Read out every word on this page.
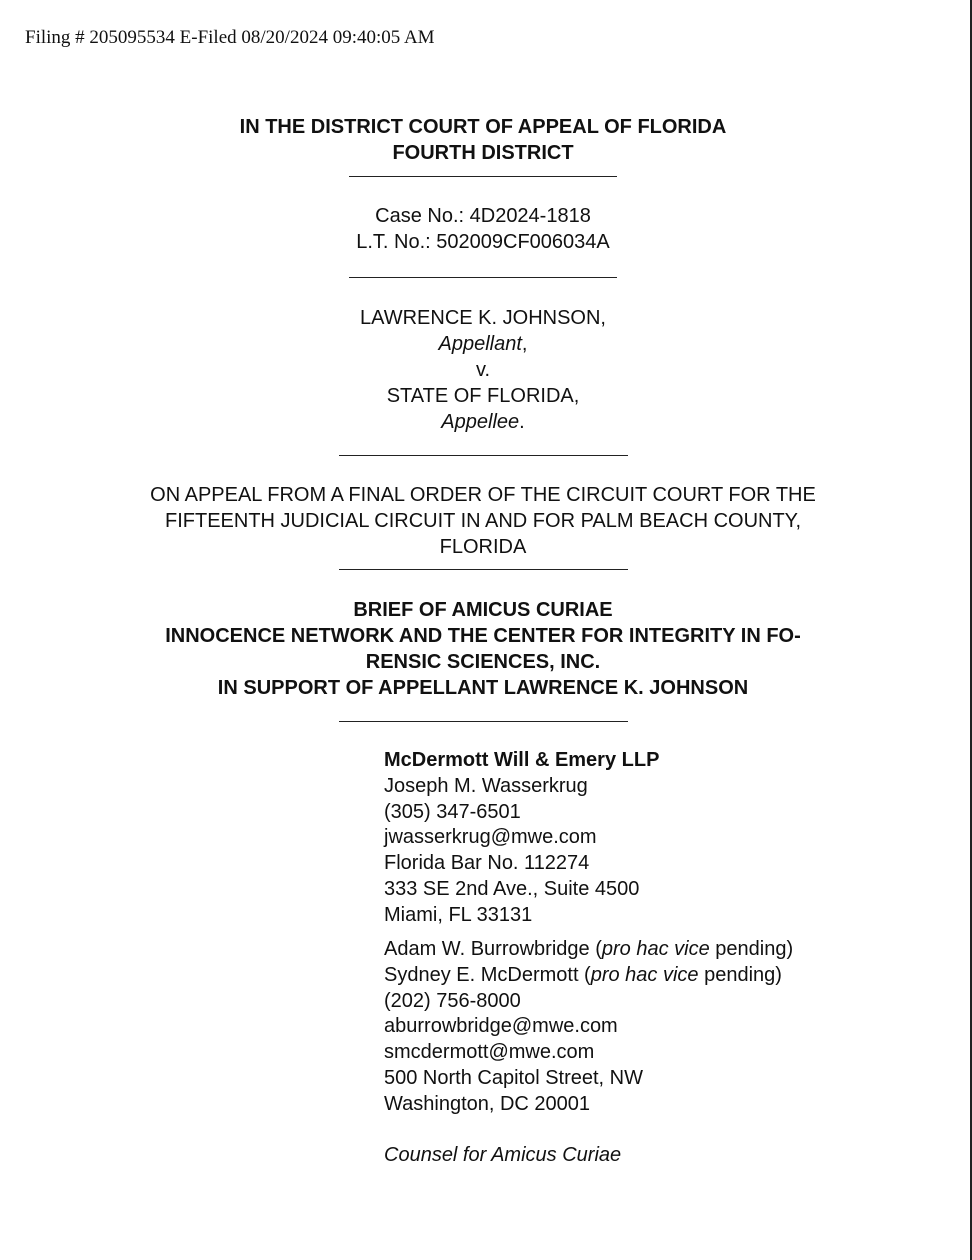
Filing # 205095534 E-Filed 08/20/2024 09:40:05 AM
IN THE DISTRICT COURT OF APPEAL OF FLORIDA
FOURTH DISTRICT
Case No.: 4D2024-1818
L.T. No.: 502009CF006034A
LAWRENCE K. JOHNSON,
Appellant,
v.
STATE OF FLORIDA,
Appellee.
ON APPEAL FROM A FINAL ORDER OF THE CIRCUIT COURT FOR THE
FIFTEENTH JUDICIAL CIRCUIT IN AND FOR PALM BEACH COUNTY,
FLORIDA
BRIEF OF AMICUS CURIAE
INNOCENCE NETWORK AND THE CENTER FOR INTEGRITY IN FO-
RENSIC SCIENCES, INC.
IN SUPPORT OF APPELLANT LAWRENCE K. JOHNSON
McDermott Will & Emery LLP
Joseph M. Wasserkrug
(305) 347-6501
jwasserkrug@mwe.com
Florida Bar No. 112274
333 SE 2nd Ave., Suite 4500
Miami, FL 33131
Adam W. Burrowbridge (pro hac vice pending)
Sydney E. McDermott (pro hac vice pending)
(202) 756-8000
aburrowbridge@mwe.com
smcdermott@mwe.com
500 North Capitol Street, NW
Washington, DC 20001
Counsel for Amicus Curiae
